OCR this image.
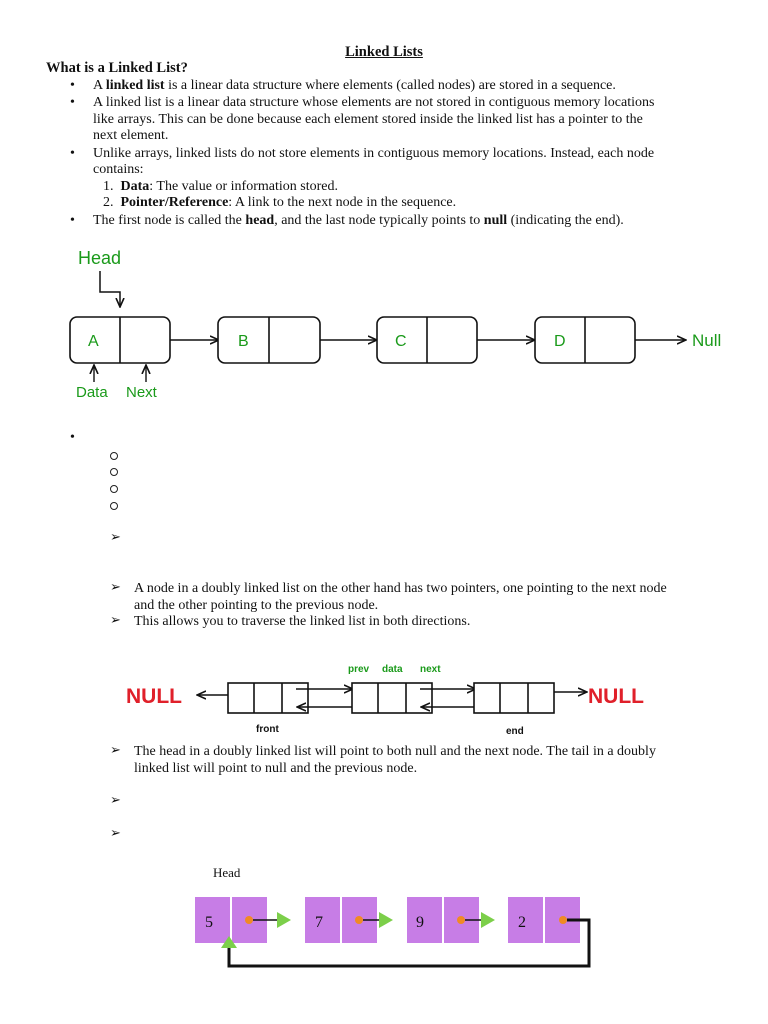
Linked Lists
What is a Linked List?
• A linked list is a linear data structure where elements (called nodes) are stored in a sequence.
• A linked list is a linear data structure whose elements are not stored in contiguous memory locations
like arrays. This can be done because each element stored inside the linked list has a pointer to the
next element.
• Unlike arrays, linked lists do not store elements in contiguous memory locations. Instead, each node
contains:
1. Data: The value or information stored.
2. Pointer/Reference: A link to the next node in the sequence.
• The first node is called the head, and the last node typically points to null (indicating the end).
Head
A	B	C	D	Null
Data Next
•
➢
➢ A node in a doubly linked list on the other hand has two pointers, one pointing to the next node
and the other pointing to the previous node.
➢ This allows you to traverse the linked list in both directions.
NULL	NULL
prev data next
front	end
➢ The head in a doubly linked list will point to both null and the next node. The tail in a doubly
linked list will point to null and the previous node.
➢
➢
Head
5	7	9	2
